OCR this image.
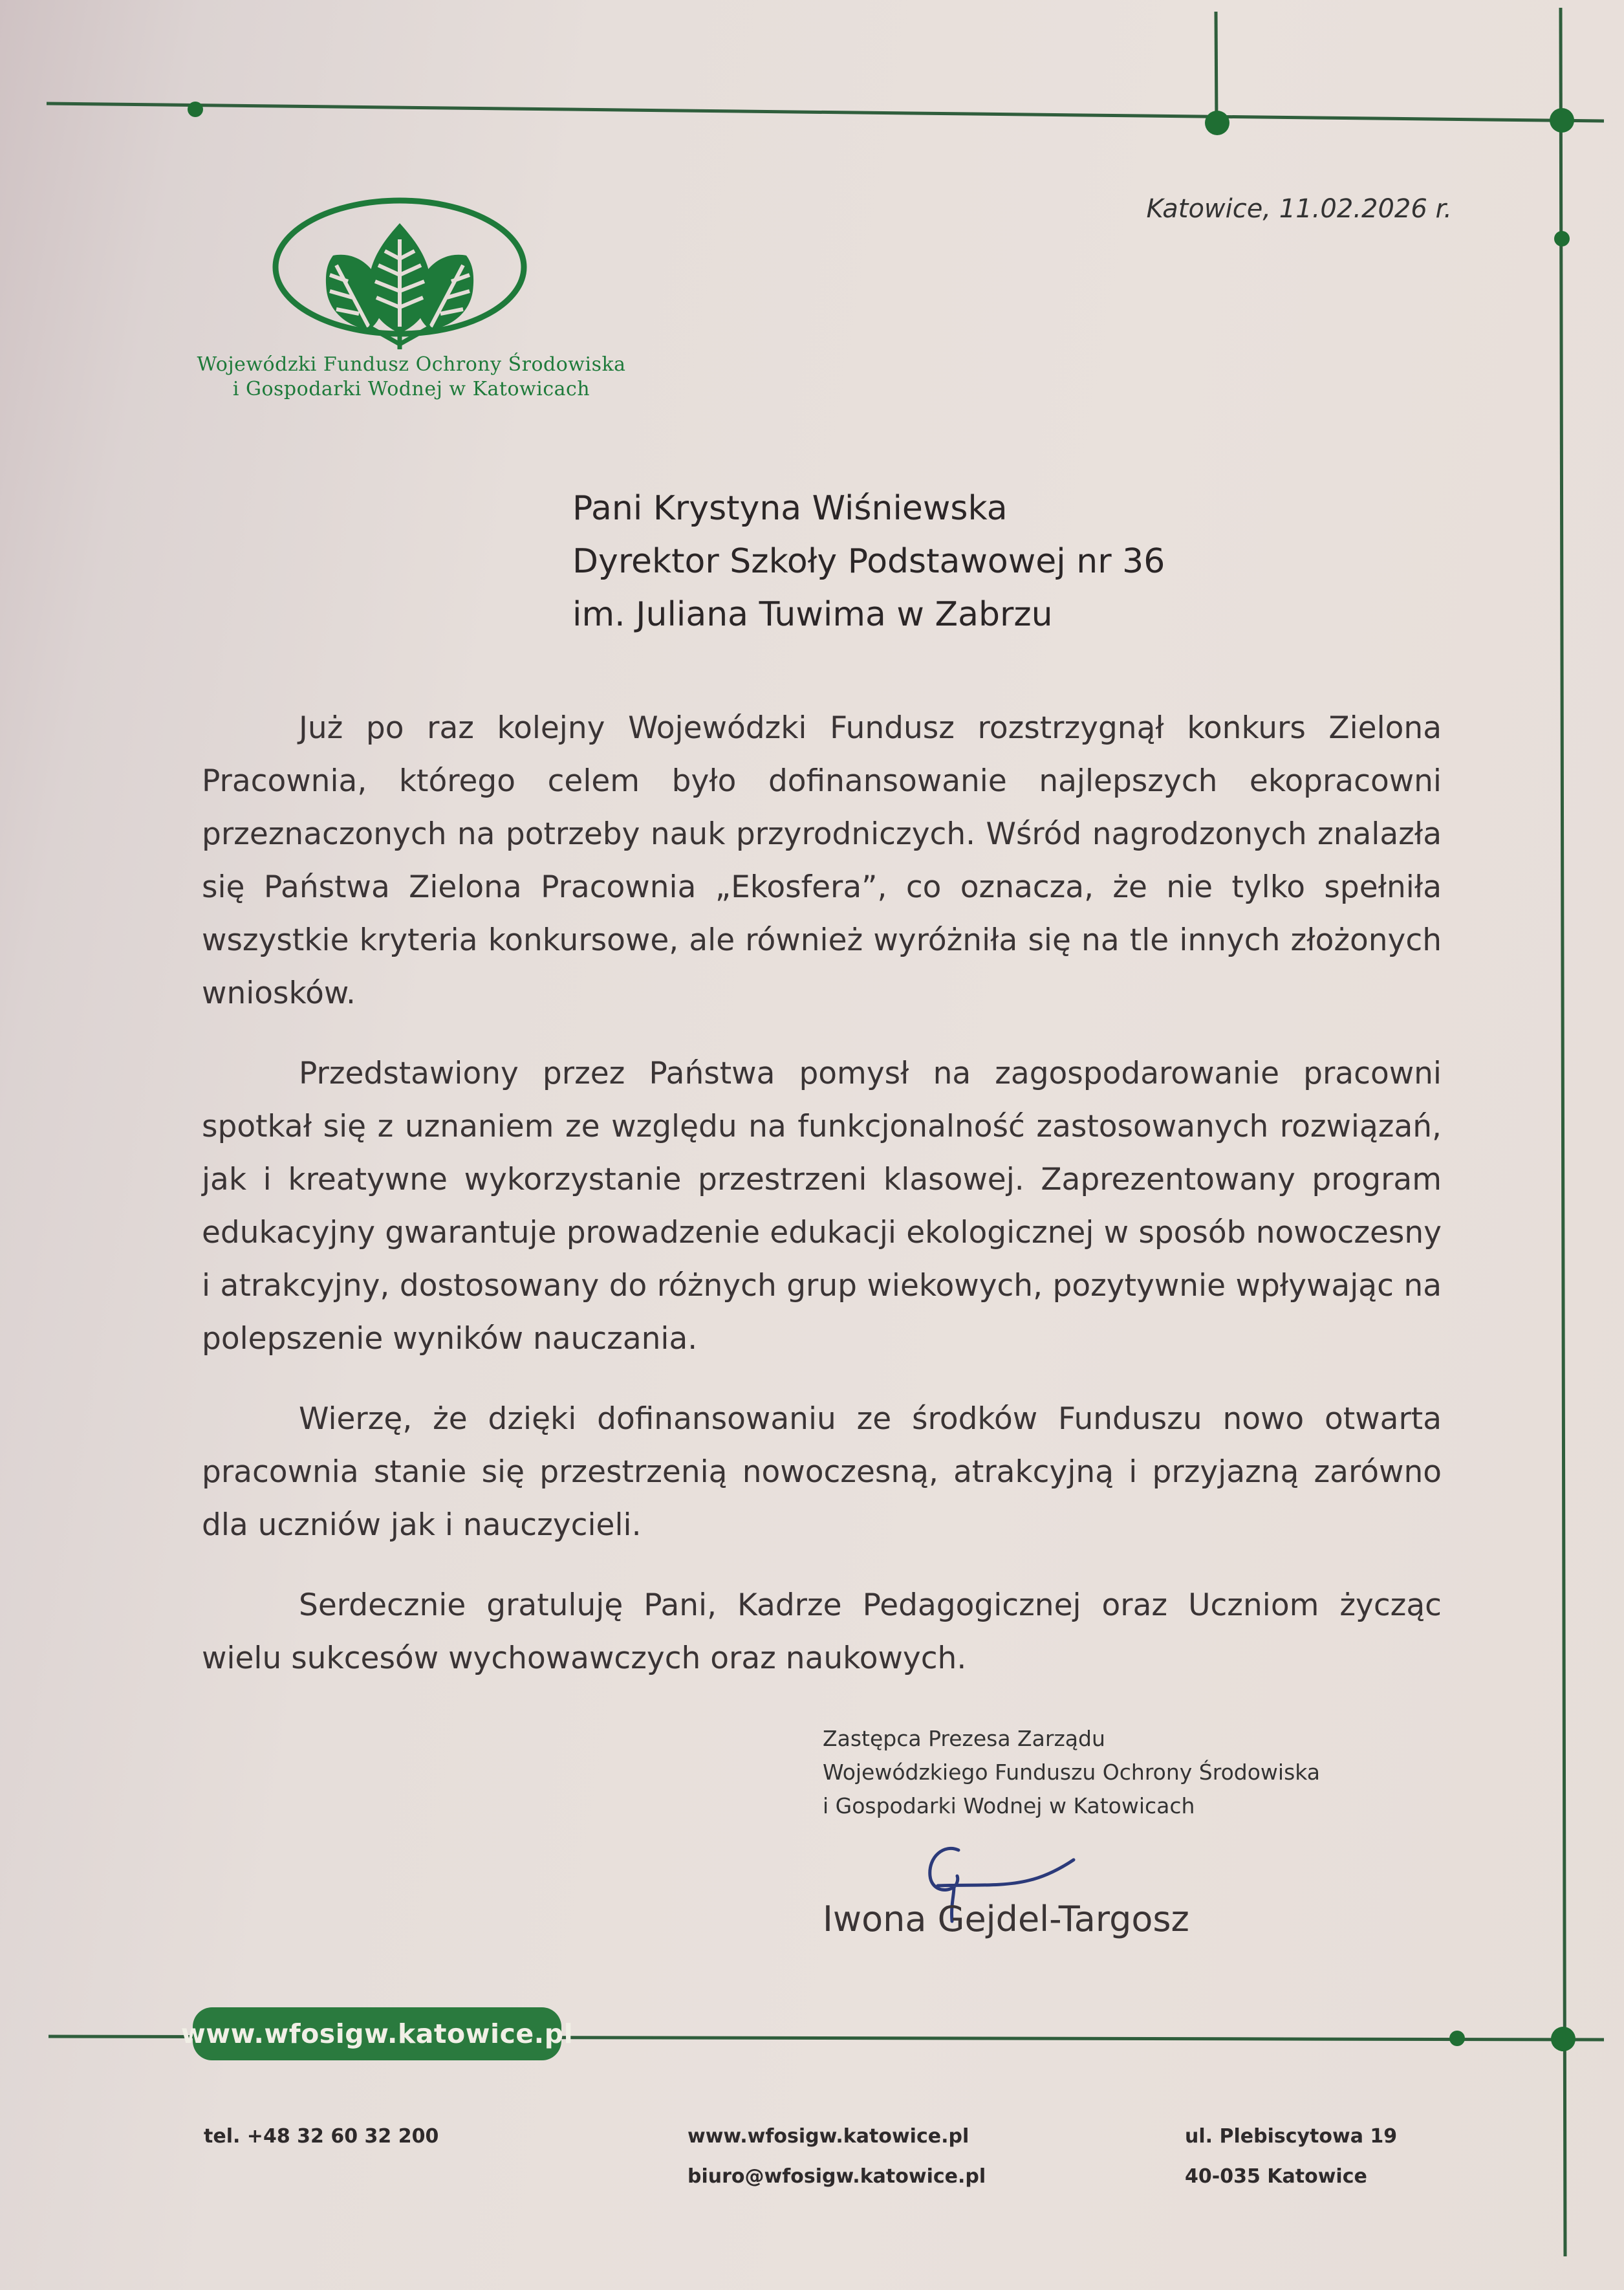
Wojewódzki Fundusz Ochrony Środowiska
i Gospodarki Wodnej w Katowicach
Katowice, 11.02.2026 r.
Pani Krystyna Wiśniewska
Dyrektor Szkoły Podstawowej nr 36
im. Juliana Tuwima w Zabrzu

Już po raz kolejny Wojewódzki Fundusz rozstrzygnął konkurs Zielona Pracownia, którego celem było dofinansowanie najlepszych ekopracowni przeznaczonych na potrzeby nauk przyrodniczych. Wśród nagrodzonych znalazła się Państwa Zielona Pracownia „Ekosfera”, co oznacza, że nie tylko spełniła wszystkie kryteria konkursowe, ale również wyróżniła się na tle innych złożonych wniosków.

Przedstawiony przez Państwa pomysł na zagospodarowanie pracowni spotkał się z uznaniem ze względu na funkcjonalność zastosowanych rozwiązań, jak i kreatywne wykorzystanie przestrzeni klasowej. Zaprezentowany program edukacyjny gwarantuje prowadzenie edukacji ekologicznej w sposób nowoczesny i atrakcyjny, dostosowany do różnych grup wiekowych, pozytywnie wpływając na polepszenie wyników nauczania.

Wierzę, że dzięki dofinansowaniu ze środków Funduszu nowo otwarta pracownia stanie się przestrzenią nowoczesną, atrakcyjną i przyjazną zarówno dla uczniów jak i nauczycieli.

Serdecznie gratuluję Pani, Kadrze Pedagogicznej oraz Uczniom życząc wielu sukcesów wychowawczych oraz naukowych.

Zastępca Prezesa Zarządu
Wojewódzkiego Funduszu Ochrony Środowiska
i Gospodarki Wodnej w Katowicach
Iwona Gejdel-Targosz
www.wfosigw.katowice.pl
tel. +48 32 60 32 200	www.wfosigw.katowice.pl
biuro@wfosigw.katowice.pl
ul. Plebiscytowa 19
40-035 Katowice
